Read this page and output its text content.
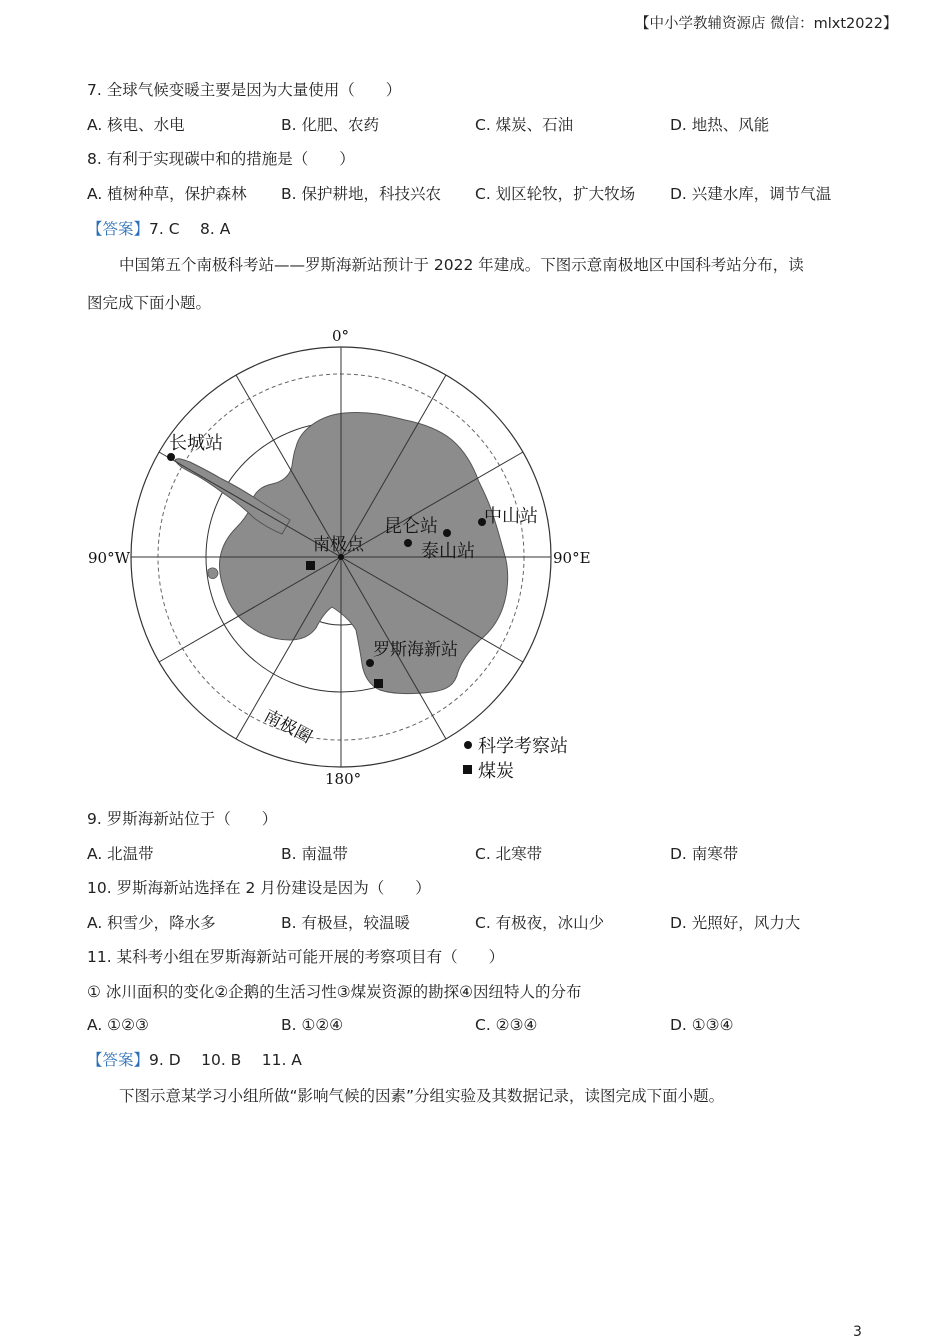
【中小学教辅资源店 微信：mlxt2022】
7. 全球气候变暖主要是因为大量使用（　　）
A. 核电、水电	B. 化肥、农药	C. 煤炭、石油	D. 地热、风能
8. 有利于实现碳中和的措施是（　　）
A. 植树种草，保护森林 B. 保护耕地，科技兴农 C. 划区轮牧，扩大牧场 D. 兴建水库，调节气温
【答案】7. C　 8. A
中国第五个南极科考站——罗斯海新站预计于 2022 年建成。下图示意南极地区中国科考站分布，读
图完成下面小题。
0°
180°
90°W	90°E
长城站
中山站
昆仑站
泰山站
南极点
罗斯海新站
南极圈	科学考察站
煤炭
9. 罗斯海新站位于（　　）
A. 北温带	B. 南温带	C. 北寒带	D. 南寒带
10. 罗斯海新站选择在 2 月份建设是因为（　　）
A. 积雪少，降水多	B. 有极昼，较温暖	C. 有极夜，冰山少	D. 光照好，风力大
11. 某科考小组在罗斯海新站可能开展的考察项目有（　　）
① 冰川面积的变化②企鹅的生活习性③煤炭资源的勘探④因纽特人的分布
A. ①②③	B. ①②④	C. ②③④	D. ①③④
【答案】9. D　 10. B　 11. A
下图示意某学习小组所做“影响气候的因素”分组实验及其数据记录，读图完成下面小题。
3
